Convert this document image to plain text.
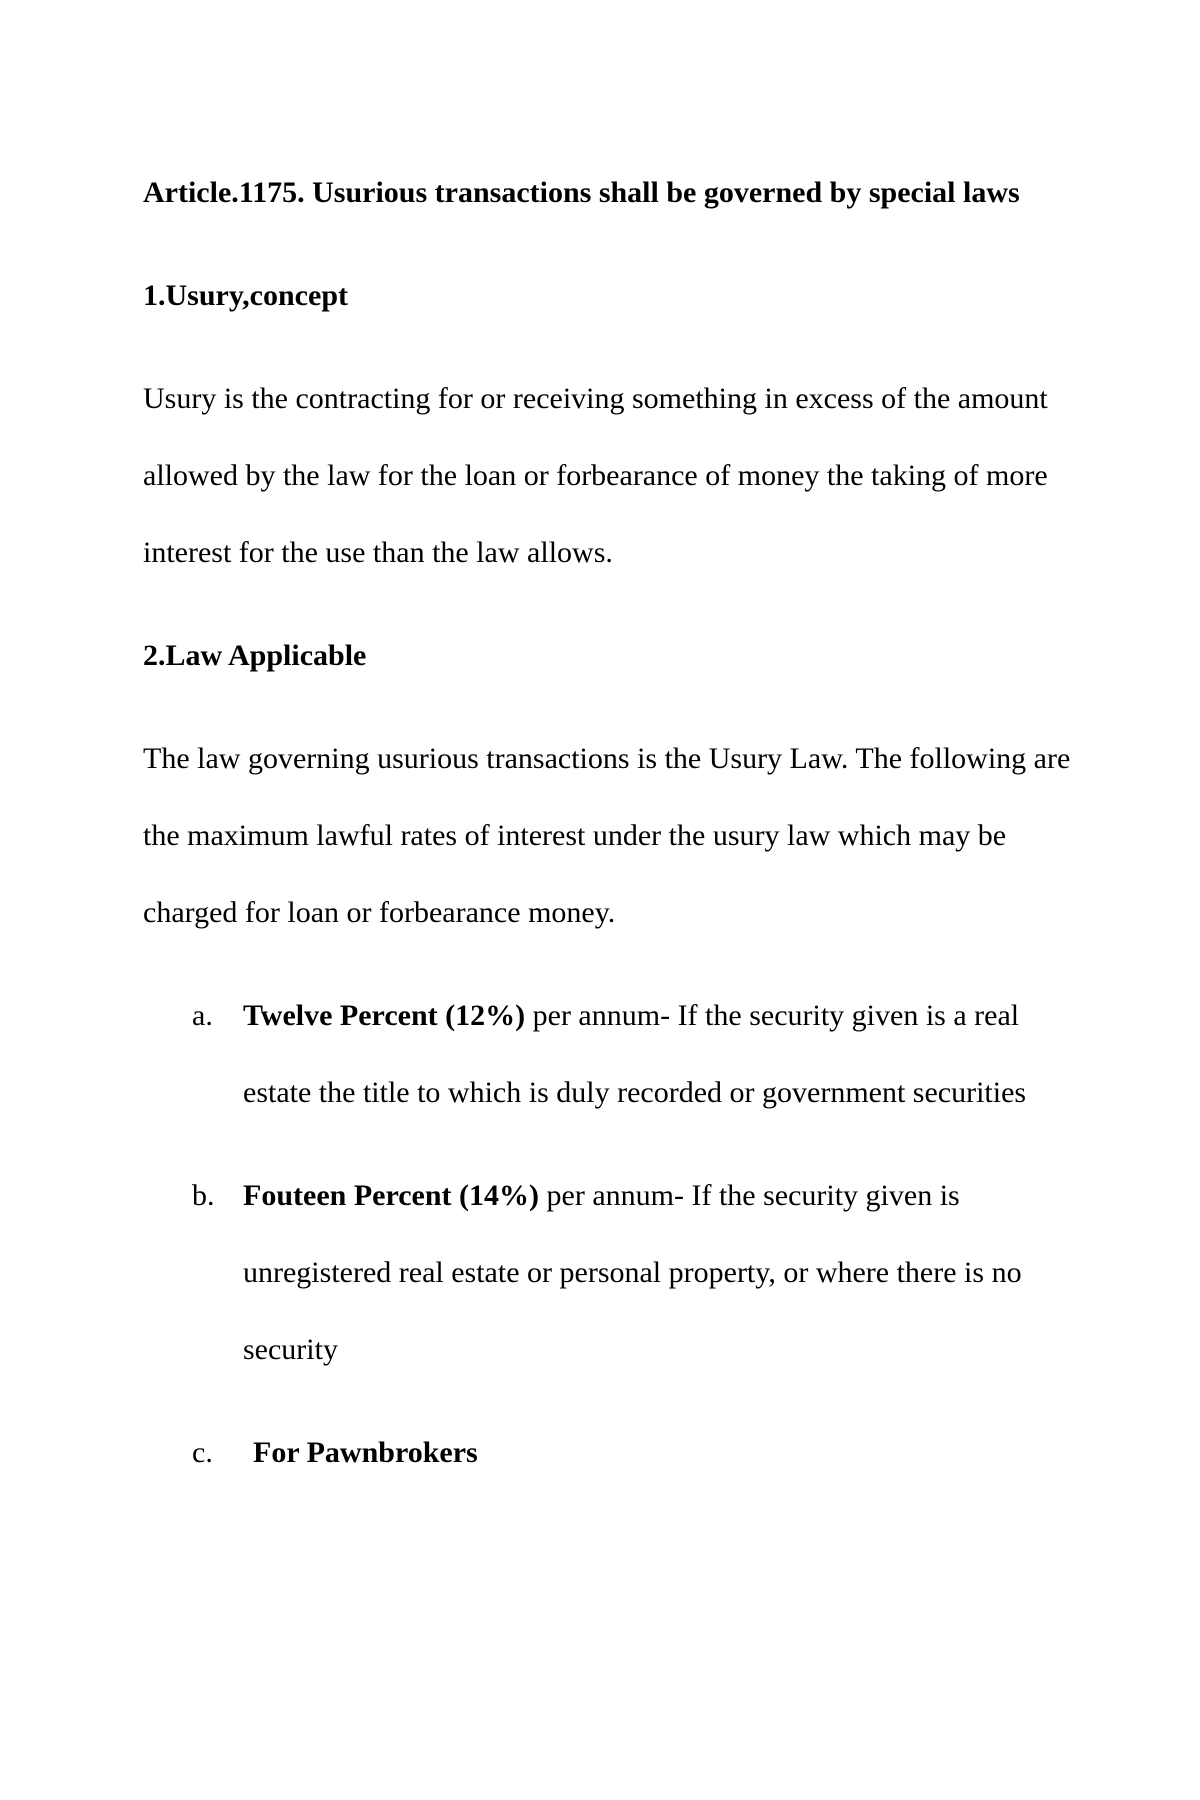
Article.1175. Usurious transactions shall be governed by special laws

1.Usury,concept

Usury is the contracting for or receiving something in excess of the amount allowed by the law for the loan or forbearance of money the taking of more interest for the use than the law allows.

2.Law Applicable

The law governing usurious transactions is the Usury Law. The following are the maximum lawful rates of interest under the usury law which may be charged for loan or forbearance money.

a. Twelve Percent (12%) per annum- If the security given is a real estate the title to which is duly recorded or government securities
b. Fouteen Percent (14%) per annum- If the security given is unregistered real estate or personal property, or where there is no security
c. For Pawnbrokers
